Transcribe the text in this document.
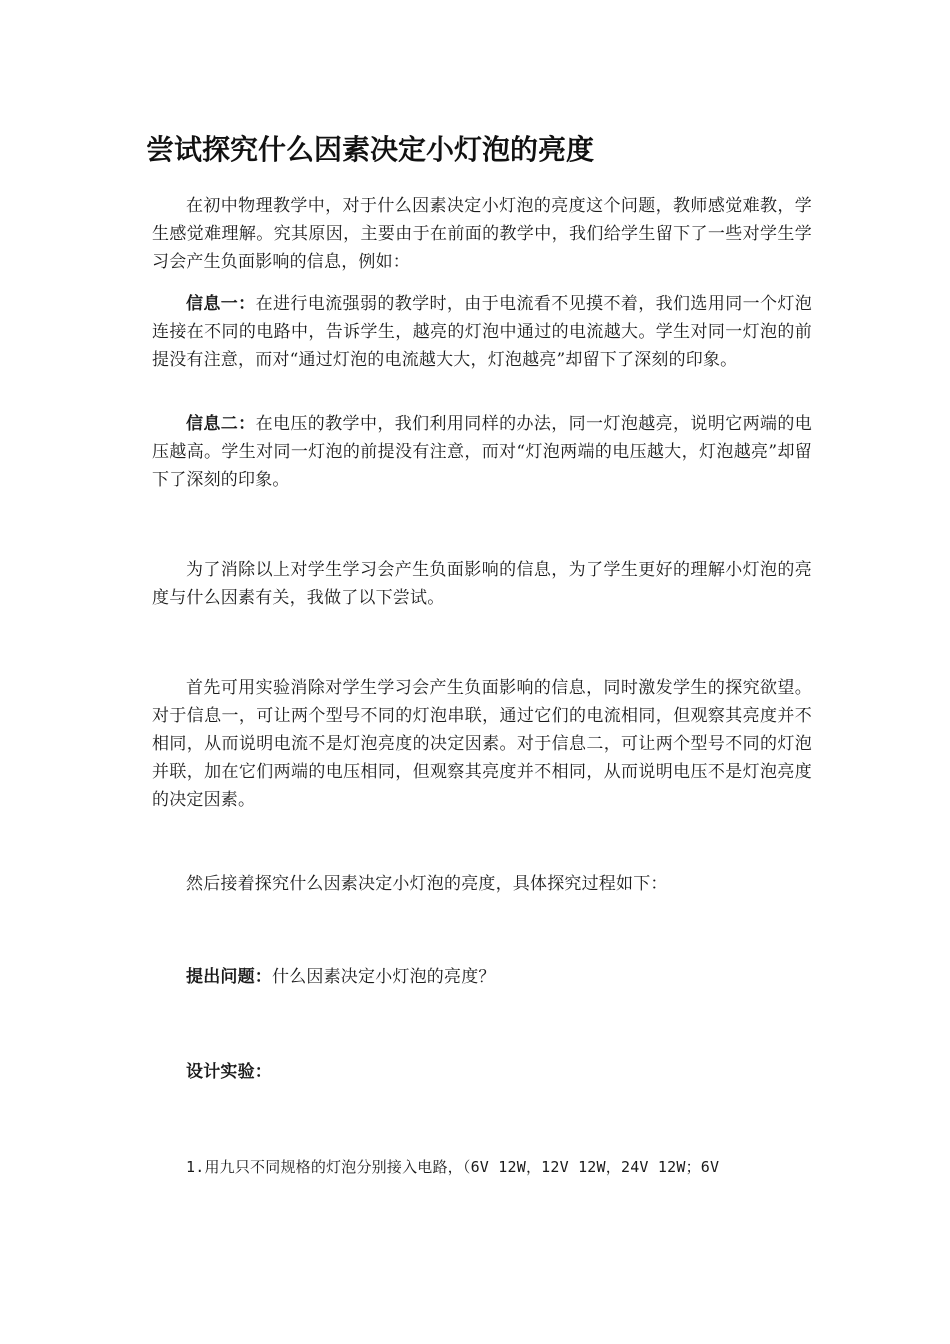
尝试探究什么因素决定小灯泡的亮度

在初中物理教学中，对于什么因素决定小灯泡的亮度这个问题，教师感觉难教，学生感觉难理解。究其原因，主要由于在前面的教学中，我们给学生留下了一些对学生学习会产生负面影响的信息，例如：

信息一：在进行电流强弱的教学时，由于电流看不见摸不着，我们选用同一个灯泡连接在不同的电路中，告诉学生，越亮的灯泡中通过的电流越大。学生对同一灯泡的前提没有注意，而对“通过灯泡的电流越大大，灯泡越亮”却留下了深刻的印象。

信息二：在电压的教学中，我们利用同样的办法，同一灯泡越亮，说明它两端的电压越高。学生对同一灯泡的前提没有注意，而对“灯泡两端的电压越大，灯泡越亮”却留下了深刻的印象。

为了消除以上对学生学习会产生负面影响的信息，为了学生更好的理解小灯泡的亮度与什么因素有关，我做了以下尝试。

首先可用实验消除对学生学习会产生负面影响的信息，同时激发学生的探究欲望。对于信息一，可让两个型号不同的灯泡串联，通过它们的电流相同，但观察其亮度并不相同，从而说明电流不是灯泡亮度的决定因素。对于信息二，可让两个型号不同的灯泡并联，加在它们两端的电压相同，但观察其亮度并不相同，从而说明电压不是灯泡亮度的决定因素。

然后接着探究什么因素决定小灯泡的亮度，具体探究过程如下：

提出问题：什么因素决定小灯泡的亮度？

设计实验：

1.用九只不同规格的灯泡分别接入电路，（6V 12W，12V 12W，24V 12W；6V
